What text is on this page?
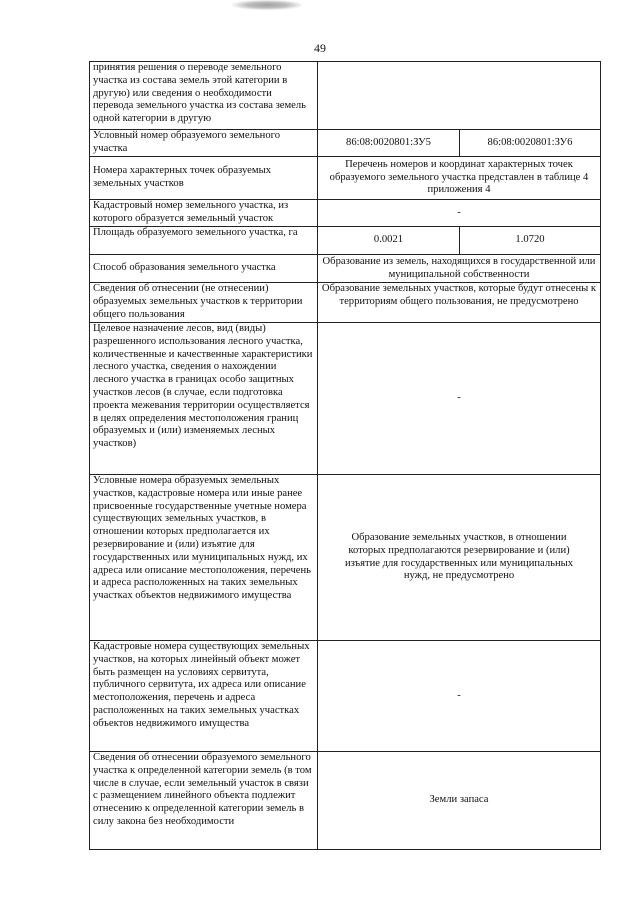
49
принятия решения о переводе земельного участка из состава земель этой категории в другую) или сведения о необходимости перевода земельного участка из состава земель одной категории в другую		
Условный номер образуемого земельного участка	86:08:0020801:ЗУ5	86:08:0020801:ЗУ6
Номера характерных точек образуемых земельных участков	Перечень номеров и координат характерных точек образуемого земельного участка представлен в таблице 4 приложения 4	
Кадастровый номер земельного участка, из которого образуется земельный участок	-	
Площадь образуемого земельного участка, га	0.0021	1.0720
Способ образования земельного участка	Образование из земель, находящихся в государственной или муниципальной собственности	
Сведения об отнесении (не отнесении) образуемых земельных участков к территории общего пользования	Образование земельных участков, которые будут отнесены к территориям общего пользования, не предусмотрено	
Целевое назначение лесов, вид (виды) разрешенного использования лесного участка, количественные и качественные характеристики лесного участка, сведения о нахождении лесного участка в границах особо защитных участков лесов (в случае, если подготовка проекта межевания территории осуществляется в целях определения местоположения границ образуемых и (или) изменяемых лесных участков)	-	
Условные номера образуемых земельных участков, кадастровые номера или иные ранее присвоенные государственные учетные номера существующих земельных участков, в отношении которых предполагается их резервирование и (или) изъятие для государственных или муниципальных нужд, их адреса или описание местоположения, перечень и адреса расположенных на таких земельных участках объектов недвижимого имущества	Образование земельных участков, в отношении которых предполагаются резервирование и (или) изъятие для государственных или муниципальных нужд, не предусмотрено	
Кадастровые номера существующих земельных участков, на которых линейный объект может быть размещен на условиях сервитута, публичного сервитута, их адреса или описание местоположения, перечень и адреса расположенных на таких земельных участках объектов недвижимого имущества	-	
Сведения об отнесении образуемого земельного участка к определенной категории земель (в том числе в случае, если земельный участок в связи с размещением линейного объекта подлежит отнесению к определенной категории земель в силу закона без необходимости	Земли запаса	
